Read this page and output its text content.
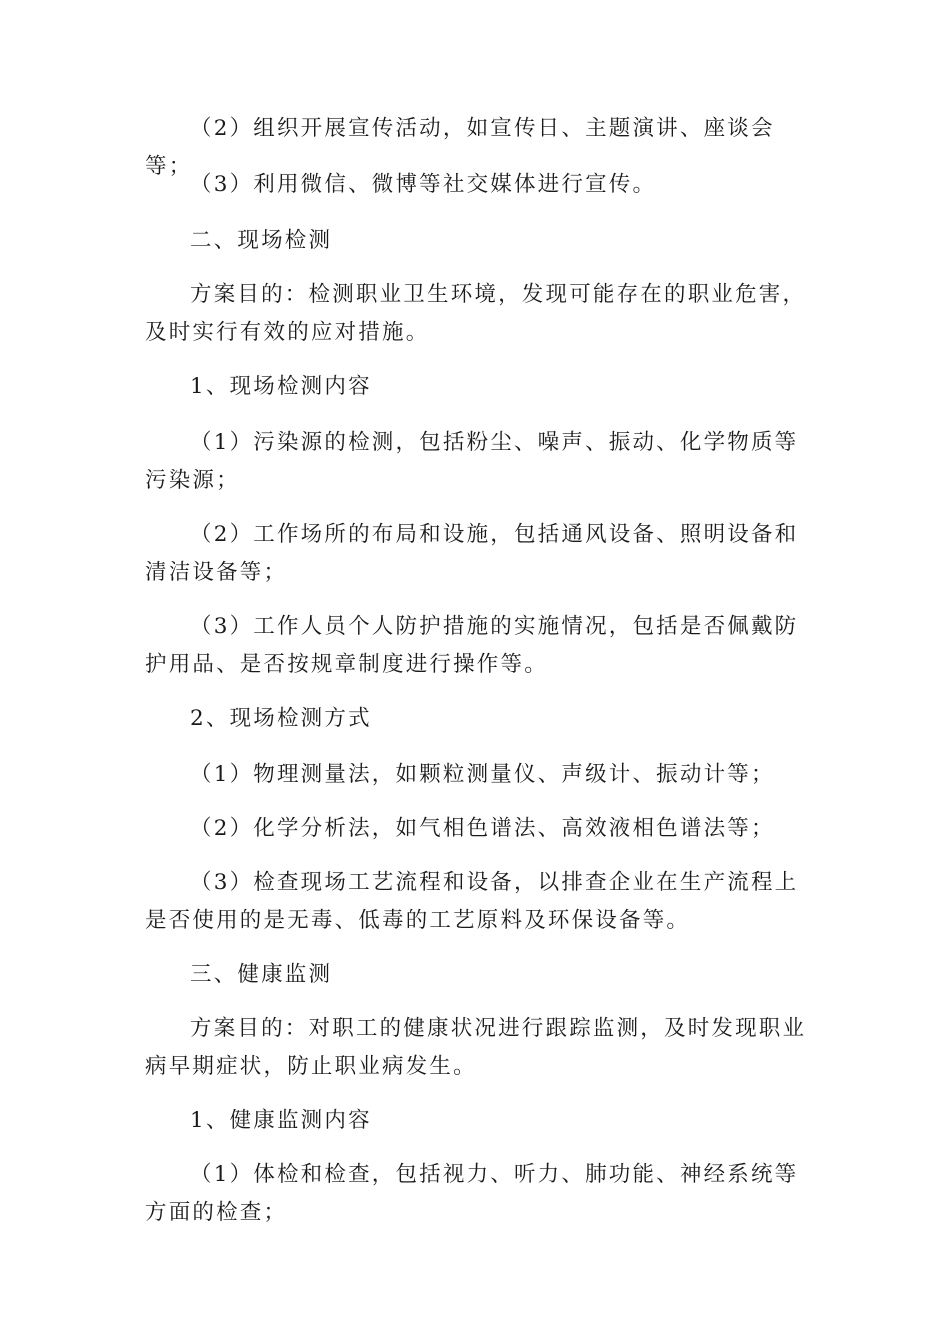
（2）组织开展宣传活动，如宣传日、主题演讲、座谈会等；

（3）利用微信、微博等社交媒体进行宣传。

二、现场检测

方案目的：检测职业卫生环境，发现可能存在的职业危害，及时实行有效的应对措施。

1、现场检测内容

（1）污染源的检测，包括粉尘、噪声、振动、化学物质等污染源；

（2）工作场所的布局和设施，包括通风设备、照明设备和清洁设备等；

（3）工作人员个人防护措施的实施情况，包括是否佩戴防护用品、是否按规章制度进行操作等。

2、现场检测方式

（1）物理测量法，如颗粒测量仪、声级计、振动计等；

（2）化学分析法，如气相色谱法、高效液相色谱法等；

（3）检查现场工艺流程和设备，以排查企业在生产流程上是否使用的是无毒、低毒的工艺原料及环保设备等。

三、健康监测

方案目的：对职工的健康状况进行跟踪监测，及时发现职业病早期症状，防止职业病发生。

1、健康监测内容

（1）体检和检查，包括视力、听力、肺功能、神经系统等方面的检查；
